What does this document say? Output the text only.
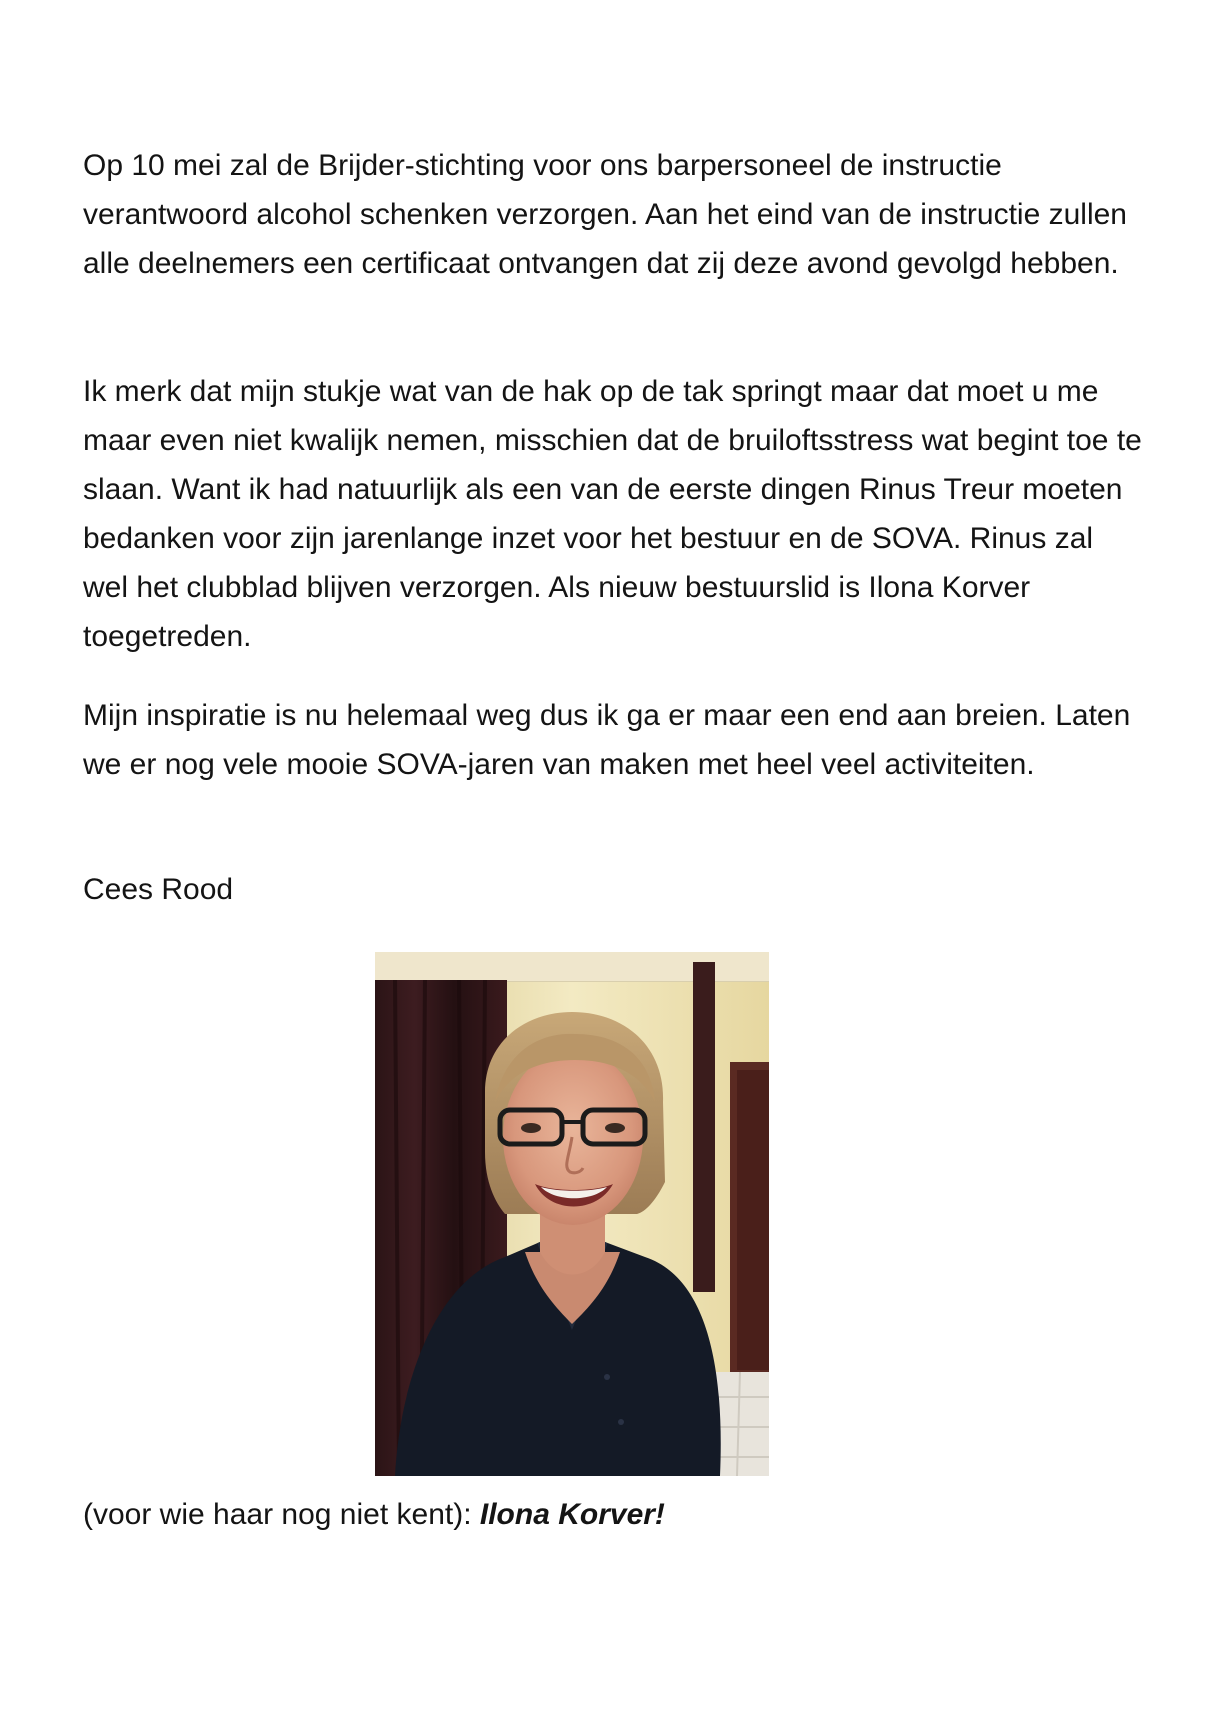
Op 10 mei zal de Brijder-stichting voor ons barpersoneel de instructie verantwoord alcohol schenken verzorgen. Aan het eind van de instructie zullen alle deelnemers een certificaat ontvangen dat zij deze avond gevolgd hebben.

Ik merk dat mijn stukje wat van de hak op de tak springt maar dat moet u me maar even niet kwalijk nemen, misschien dat de bruiloftsstress wat begint toe te slaan. Want ik had natuurlijk als een van de eerste dingen Rinus Treur moeten bedanken voor zijn jarenlange inzet voor het bestuur en de SOVA. Rinus zal wel het clubblad blijven verzorgen. Als nieuw bestuurslid is Ilona Korver toegetreden.

Mijn inspiratie is nu helemaal weg dus ik ga er maar een end aan breien. Laten we er nog vele mooie SOVA-jaren van maken met heel veel activiteiten.

Cees Rood

(voor wie haar nog niet kent): Ilona Korver!
